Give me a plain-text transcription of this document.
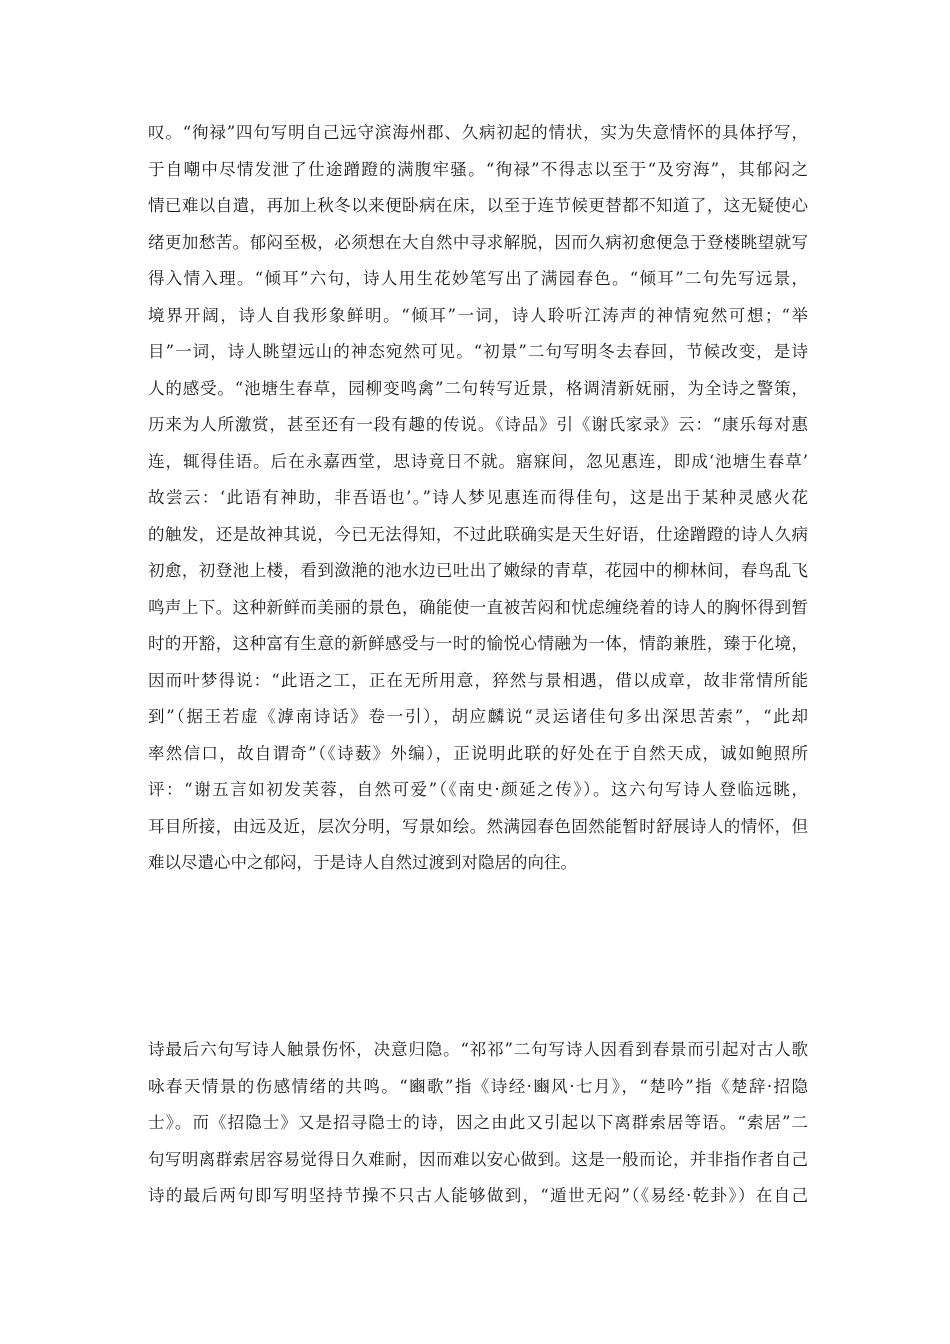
叹。“徇禄”四句写明自己远守滨海州郡、久病初起的情状，实为失意情怀的具体抒写，
于自嘲中尽情发泄了仕途蹭蹬的满腹牢骚。“徇禄”不得志以至于“及穷海”，其郁闷之
情已难以自遣，再加上秋冬以来便卧病在床，以至于连节候更替都不知道了，这无疑使心
绪更加愁苦。郁闷至极，必须想在大自然中寻求解脱，因而久病初愈便急于登楼眺望就写
得入情入理。“倾耳”六句，诗人用生花妙笔写出了满园春色。“倾耳”二句先写远景，
境界开阔，诗人自我形象鲜明。“倾耳”一词，诗人聆听江涛声的神情宛然可想；“举
目”一词，诗人眺望远山的神态宛然可见。“初景”二句写明冬去春回，节候改变，是诗
人的感受。“池塘生春草，园柳变鸣禽”二句转写近景，格调清新妩丽，为全诗之警策，
历来为人所激赏，甚至还有一段有趣的传说。《诗品》引《谢氏家录》云：“康乐每对惠
连，辄得佳语。后在永嘉西堂，思诗竟日不就。寤寐间，忽见惠连，即成‘池塘生春草’
故尝云：‘此语有神助，非吾语也’。”诗人梦见惠连而得佳句，这是出于某种灵感火花
的触发，还是故神其说，今已无法得知，不过此联确实是天生好语，仕途蹭蹬的诗人久病
初愈，初登池上楼，看到潋滟的池水边已吐出了嫩绿的青草，花园中的柳林间，春鸟乱飞
鸣声上下。这种新鲜而美丽的景色，确能使一直被苦闷和忧虑缠绕着的诗人的胸怀得到暂
时的开豁，这种富有生意的新鲜感受与一时的愉悦心情融为一体，情韵兼胜，臻于化境，
因而叶梦得说：“此语之工，正在无所用意，猝然与景相遇，借以成章，故非常情所能
到”（据王若虚《滹南诗话》卷一引），胡应麟说“灵运诸佳句多出深思苦索”，“此却
率然信口，故自谓奇”（《诗薮》外编），正说明此联的好处在于自然天成，诚如鲍照所
评：“谢五言如初发芙蓉，自然可爱”（《南史·颜延之传》）。这六句写诗人登临远眺，
耳目所接，由远及近，层次分明，写景如绘。然满园春色固然能暂时舒展诗人的情怀，但
难以尽遣心中之郁闷，于是诗人自然过渡到对隐居的向往。
诗最后六句写诗人触景伤怀，决意归隐。“祁祁”二句写诗人因看到春景而引起对古人歌
咏春天情景的伤感情绪的共鸣。“豳歌”指《诗经·豳风·七月》，“楚吟”指《楚辞·招隐
士》。而《招隐士》又是招寻隐士的诗，因之由此又引起以下离群索居等语。“索居”二
句写明离群索居容易觉得日久难耐，因而难以安心做到。这是一般而论，并非指作者自己
诗的最后两句即写明坚持节操不只古人能够做到，“遁世无闷”（《易经·乾卦》）在自己
